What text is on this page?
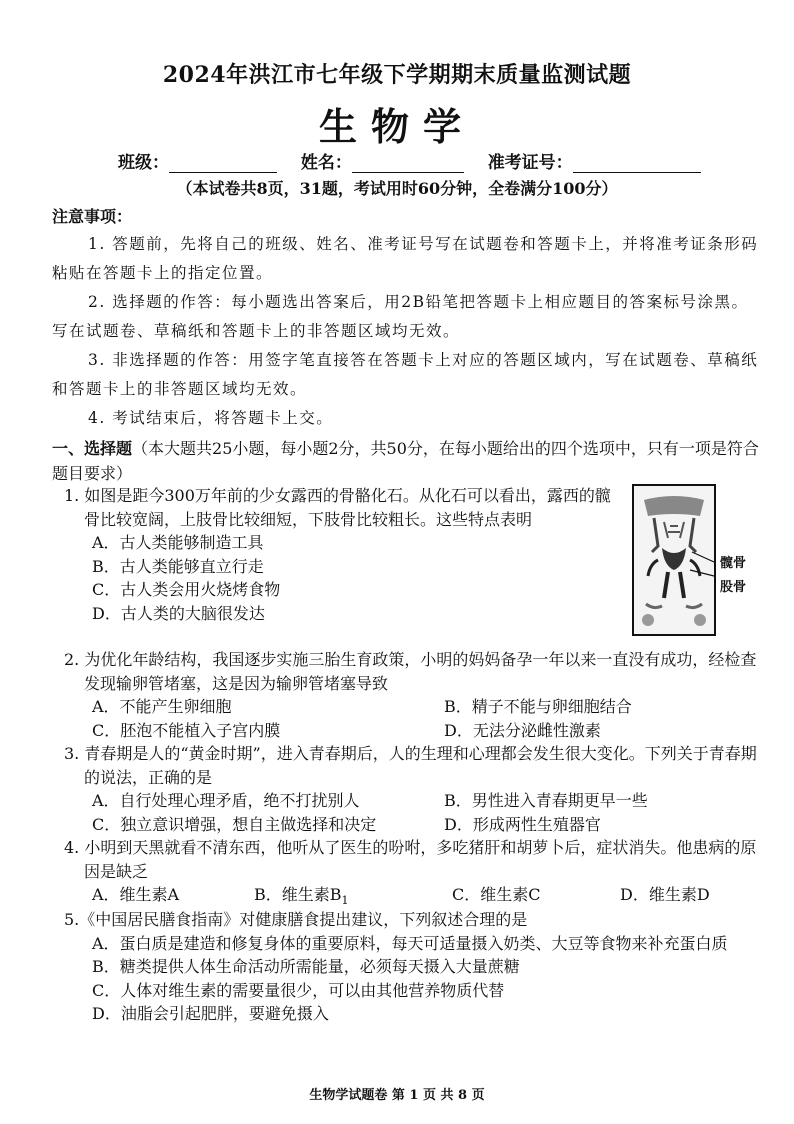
2024年洪江市七年级下学期期末质量监测试题
生物学
班级：	姓名：	准考证号：
（本试卷共8页，31题，考试用时60分钟，全卷满分100分）
注意事项：

1. 答题前，先将自己的班级、姓名、准考证号写在试题卷和答题卡上，并将准考证条形码粘贴在答题卡上的指定位置。

2. 选择题的作答：每小题选出答案后，用2B铅笔把答题卡上相应题目的答案标号涂黑。写在试题卷、草稿纸和答题卡上的非答题区域均无效。

3. 非选择题的作答：用签字笔直接答在答题卡上对应的答题区域内，写在试题卷、草稿纸和答题卡上的非答题区域均无效。

4. 考试结束后，将答题卡上交。

一、选择题（本大题共25小题，每小题2分，共50分，在每小题给出的四个选项中，只有一项是符合题目要求）
1. 如图是距今300万年前的少女露西的骨骼化石。从化石可以看出，露西的髋骨比较宽阔，上肢骨比较细短，下肢骨比较粗长。这些特点表明
A．古人类能够制造工具
B．古人类能够直立行走
C．古人类会用火烧烤食物
D．古人类的大脑很发达
髋骨
股骨
2. 为优化年龄结构，我国逐步实施三胎生育政策，小明的妈妈备孕一年以来一直没有成功，经检查发现输卵管堵塞，这是因为输卵管堵塞导致
A．不能产生卵细胞	B．精子不能与卵细胞结合
C．胚泡不能植入子宫内膜	D．无法分泌雌性激素
3. 青春期是人的“黄金时期”，进入青春期后，人的生理和心理都会发生很大变化。下列关于青春期的说法，正确的是
A．自行处理心理矛盾，绝不打扰别人	B．男性进入青春期更早一些
C．独立意识增强，想自主做选择和决定	D．形成两性生殖器官
4. 小明到天黑就看不清东西，他听从了医生的吩咐，多吃猪肝和胡萝卜后，症状消失。他患病的原因是缺乏
A．维生素A	B．维生素$B_1$	C．维生素C	D．维生素D
5.《中国居民膳食指南》对健康膳食提出建议，下列叙述合理的是
A．蛋白质是建造和修复身体的重要原料，每天可适量摄入奶类、大豆等食物来补充蛋白质
B．糖类提供人体生命活动所需能量，必须每天摄入大量蔗糖
C．人体对维生素的需要量很少，可以由其他营养物质代替
D．油脂会引起肥胖，要避免摄入
生物学试题卷 第 1 页 共 8 页
